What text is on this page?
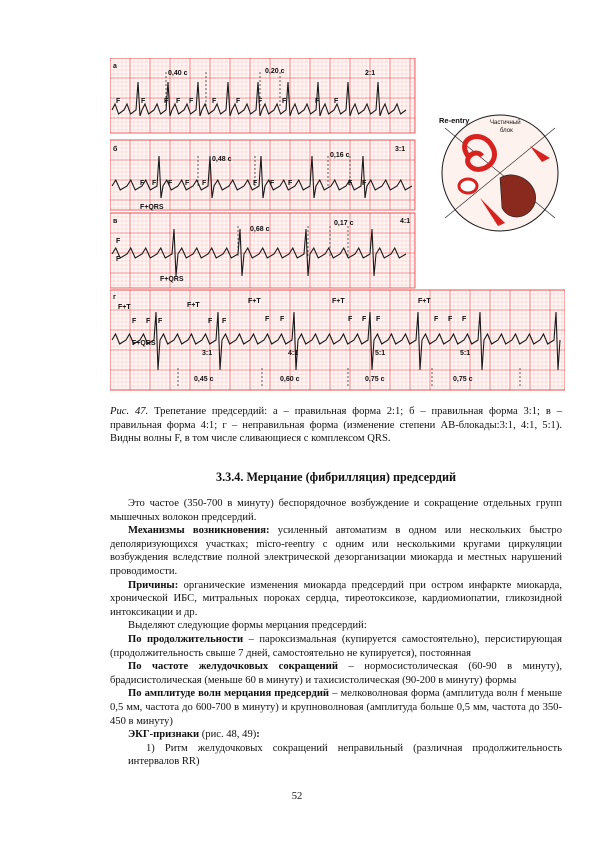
а
0,40 с	0,20 с	2:1
F	F	F F F	F	F	F	F	F F
б
0,48 с
0,16 с
3:1
F F F F F	F F F	F F
F+QRS
в
0,68 с
0,17 с	4:1
F
F
F+QRS
г
F+T	F+T
F+T	F+T	F+T
F F F	F F	F F	F F F	F F F
F+QRS
3:1	4:1	5:1	5:1
0,45 с	0,60 с	0,75 с	0,75 с
Re-entry	Частичный
блок
Рис. 47. Трепетание предсердий: а – правильная форма 2:1; б – правильная форма 3:1; в – правильная форма 4:1; г – неправильная форма (изменение степени АВ-блокады:3:1, 4:1, 5:1). Видны волны F, в том числе сливающиеся с комплексом QRS.
3.3.4. Мерцание (фибрилляция) предсердий

Это частое (350-700 в минуту) беспорядочное возбуждение и сокращение отдельных групп мышечных волокон предсердий.

Механизмы возникновения: усиленный автоматизм в одном или нескольких быстро деполяризующихся участках; micro-reentry с одним или несколькими кругами циркуляции возбуждения вследствие полной электрической дезорганизации миокарда и местных нарушений проводимости.

Причины: органические изменения миокарда предсердий при остром инфаркте миокарда, хронической ИБС, митральных пороках сердца, тиреотоксикозе, кардиомиопатии, гликозидной интоксикации и др.

Выделяют следующие формы мерцания предсердий:

По продолжительности – пароксизмальная (купируется самостоятельно), персистирующая (продолжительность свыше 7 дней, самостоятельно не купируется), постоянная

По частоте желудочковых сокращений – нормосистолическая (60-90 в минуту), брадисистолическая (меньше 60 в минуту) и тахисистолическая (90-200 в минуту) формы

По амплитуде волн мерцания предсердий – мелковолновая форма (амплитуда волн f меньше 0,5 мм, частота до 600-700 в минуту) и крупноволновая (амплитуда больше 0,5 мм, частота до 350-450 в минуту)

ЭКГ-признаки (рис. 48, 49):

1) Ритм желудочковых сокращений неправильный (различная продолжительность интервалов RR)

52
